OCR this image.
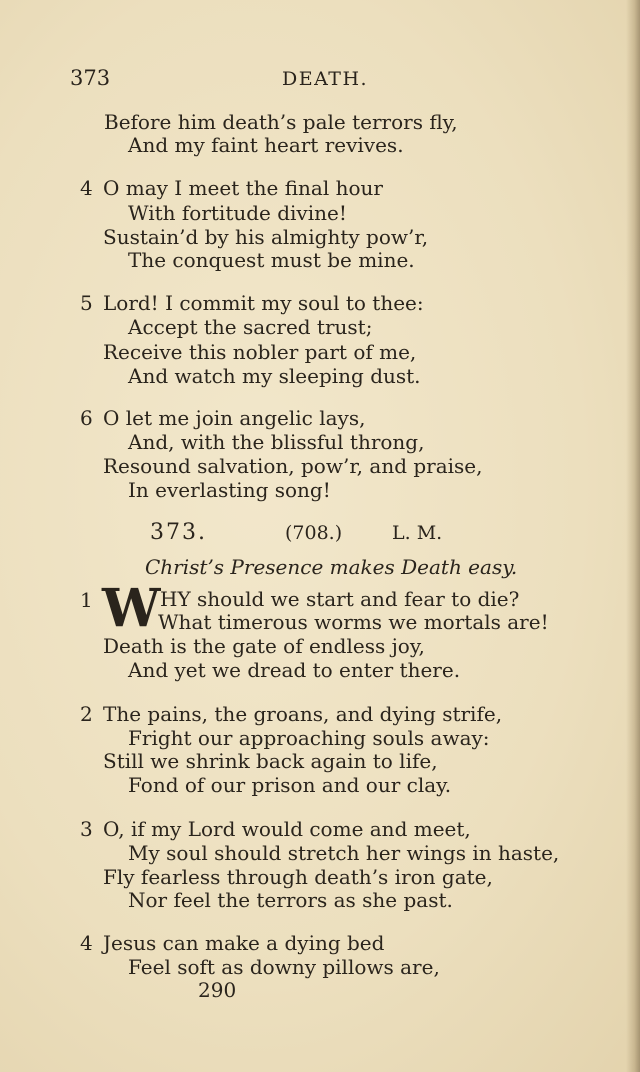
373	DEATH.
Before him death’s pale terrors fly,
And my faint heart revives.
4 O may I meet the final hour
With fortitude divine!
Sustain’d by his almighty pow’r,
The conquest must be mine.
5 Lord! I commit my soul to thee:
Accept the sacred trust;
Receive this nobler part of me,
And watch my sleeping dust.
6 O let me join angelic lays,
And, with the blissful throng,
Resound salvation, pow’r, and praise,
In everlasting song!
373.	(708.)	L. M.
Christ’s Presence makes Death easy.
1 W HY should we start and fear to die?
What timerous worms we mortals are!
Death is the gate of endless joy,
And yet we dread to enter there.
2 The pains, the groans, and dying strife,
Fright our approaching souls away:
Still we shrink back again to life,
Fond of our prison and our clay.
3 O, if my Lord would come and meet,
My soul should stretch her wings in haste,
Fly fearless through death’s iron gate,
Nor feel the terrors as she past.
4 Jesus can make a dying bed
Feel soft as downy pillows are,
290
